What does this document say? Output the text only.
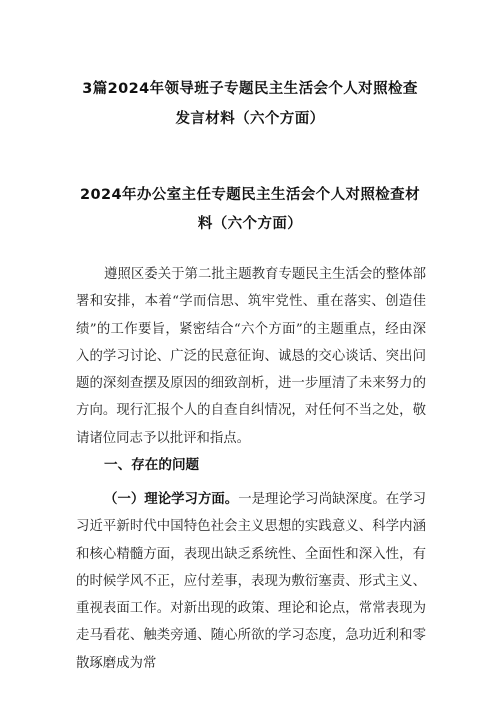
3篇2024年领导班子专题民主生活会个人对照检查
发言材料（六个方面）
2024年办公室主任专题民主生活会个人对照检查材
料（六个方面）
遵照区委关于第二批主题教育专题民主生活会的整体部署和安排，本着“学而信思、筑牢党性、重在落实、创造佳绩”的工作要旨，紧密结合“六个方面”的主题重点，经由深入的学习讨论、广泛的民意征询、诚恳的交心谈话、突出问题的深刻查摆及原因的细致剖析，进一步厘清了未来努力的方向。现行汇报个人的自查自纠情况，对任何不当之处，敬请诸位同志予以批评和指点。
一、存在的问题
（一）理论学习方面。一是理论学习尚缺深度。在学习习近平新时代中国特色社会主义思想的实践意义、科学内涵和核心精髓方面，表现出缺乏系统性、全面性和深入性，有的时候学风不正，应付差事，表现为敷衍塞责、形式主义、重视表面工作。对新出现的政策、理论和论点，常常表现为走马看花、触类旁通、随心所欲的学习态度，急功近利和零散琢磨成为常
